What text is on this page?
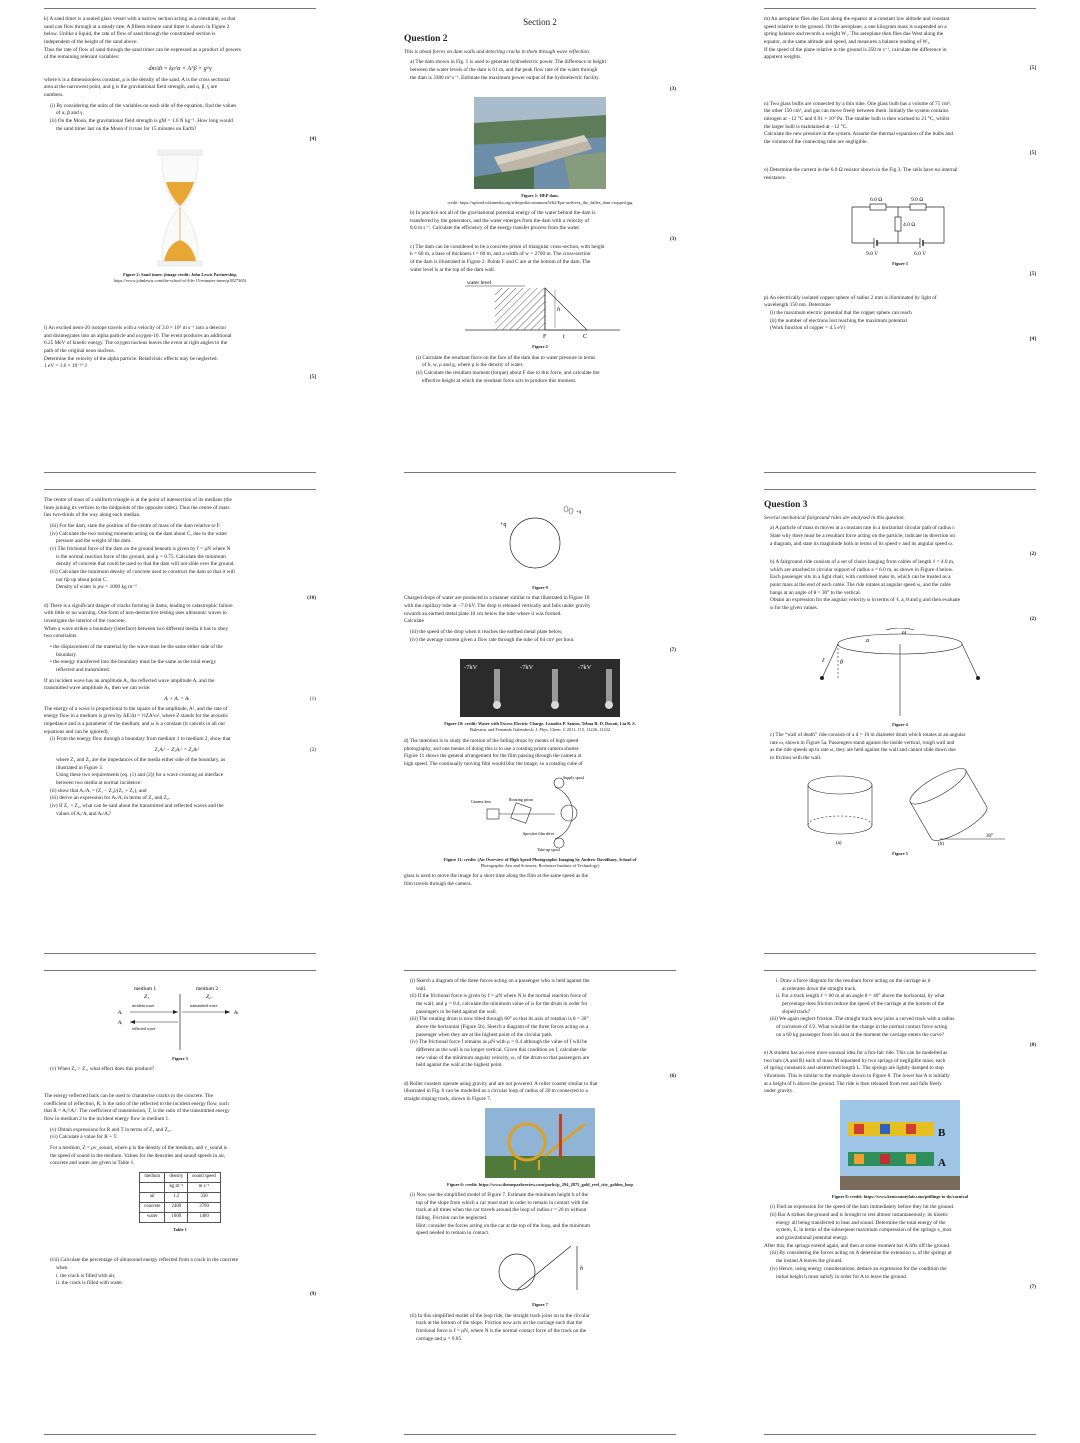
k) A sand timer is a sealed glass vessel with a narrow section acting as a constraint, so that
sand can flow through at a steady rate. A fifteen minute sand timer is shown in Figure 2
below. Unlike a liquid, the rate of flow of sand through the constrained section is
independent of the height of the sand above.
Thus the rate of flow of sand through the sand timer can be expressed as a product of powers
of the remaining relevant variables:
dm/dt = kρ^α × A^β × g^γ
where k is a dimensionless constant, ρ is the density of the sand, A is the cross sectional
area at the narrowest point, and g is the gravitational field strength, and α, β, γ are
numbers.
(i) By considering the units of the variables on each side of the equation, find the values
of α, β and γ.
(ii) On the Moon, the gravitational field strength is gM = 1.6 N kg⁻¹. How long would
the sand timer last on the Moon if it runs for 15 minutes on Earth?
[4]
Figure 2: Sand timer. (image credit: John Lewis Partnership,
https://www.johnlewis.com/the-school-of-life-15-minutes-timer/p3827365)
l) An excited neon-20 isotope travels with a velocity of 3.0 × 10⁶ m s⁻¹ into a detector
and disintegrates into an alpha particle and oxygen-16. The event produces an additional
6.25 MeV of kinetic energy. The oxygen nucleus leaves the event at right angles to the
path of the original neon nucleus.
Determine the velocity of the alpha particle. Relativistic effects may be neglected.
1 eV = 1.6 × 10⁻¹⁹ J
[5]
Section 2
Question 2
This is about forces on dam walls and detecting cracks in them through wave reflection.
a) The dam shown in Fig. 1 is used to generate hydroelectric power. The difference in height
between the water levels of the dam is 61 m, and the peak flow rate of the water through
the dam is 3380 m³ s⁻¹. Estimate the maximum power output of the hydroelectric facility.
(3)
Figure 1: HEP dam.
credit: https://upload.wikimedia.org/wikipedia/commons/b/b2/Epa-archives_the_dalles_dam-cropped.jpg
b) In practice not all of the gravitational potential energy of the water behind the dam is
transferred by the generators, and the water emerges from the dam with a velocity of
8.0 m s⁻¹. Calculate the efficiency of the energy transfer process from the water.
(3)
c) The dam can be considered to be a concrete prism of triangular cross-section, with height
h = 60 m, a base of thickness t = 60 m, and a width of w = 2700 m. The cross-section
of the dam is illustrated in Figure 2. Points F and C are at the bottom of the dam. The
water level is at the top of the dam wall.
water level
h
F	t	C
Figure 2
(i) Calculate the resultant force on the face of the dam due to water pressure in terms
of h, w, ρ and g, where ρ is the density of water.
(ii) Calculate the resultant moment (torque) about F due to this force, and calculate the
effective height at which the resultant force acts to produce this moment.
m) An aeroplane flies due East along the equator at a constant low altitude and constant
speed relative to the ground. On the aeroplane, a one kilogram mass is suspended on a
spring balance and records a weight W₁. The aeroplane then flies due West along the
equator, at the same altitude and speed, and measures a balance reading of W₂.
If the speed of the plane relative to the ground is 250 m s⁻¹, calculate the difference in
apparent weights.
[5]
n) Two glass bulbs are connected by a thin tube. One glass bulb has a volume of 75 cm³,
the other 150 cm³, and gas can move freely between them. Initially the system contains
nitrogen at −12 °C and 0.91 × 10⁵ Pa. The smaller bulb is then warmed to 21 °C, whilst
the larger bulb is maintained at −12 °C.
Calculate the new pressure in the system. Assume the thermal expansion of the bulbs and
the volume of the connecting tube are negligible.
[5]
o) Determine the current in the 6.0 Ω resistor shown in the Fig 3. The cells have no internal
resistance.
6.0 Ω	9.0 Ω
4.0 Ω
9.0 V	6.0 V
Figure 3
[5]
p) An electrically isolated copper sphere of radius 2 mm is illuminated by light of
wavelength 150 nm. Determine
(i) the maximum electric potential that the copper sphere can reach
(ii) the number of electrons lost reaching the maximum potential
(Work function of copper = 4.5 eV)
[4]
The centre of mass of a uniform triangle is at the point of intersection of its medians (the
lines joining its vertices to the midpoints of the opposite sides). Thus the centre of mass
lies two-thirds of the way along each median.
(iii) For the dam, state the position of the centre of mass of the dam relative to F.
(iv) Calculate the two turning moments acting on the dam about C, due to the water
pressure and the weight of the dam.
(v) The frictional force of the dam on the ground beneath is given by f = μN where N
is the normal reaction force of the ground, and μ = 0.75. Calculate the minimum
density of concrete that could be used so that the dam will not slide over the ground.
(vi) Calculate the minimum density of concrete used to construct the dam so that it will
not tip up about point C.
Density of water is ρw = 1000 kg m⁻³
(10)
d) There is a significant danger of cracks forming in dams, leading to catastrophic failure
with little or no warning. One form of non-destructive testing uses ultrasonic waves to
investigate the interior of the concrete.
When a wave strikes a boundary (interface) between two different media it has to obey
two constraints.
• the displacement of the material by the wave must be the same either side of the
boundary.
• the energy transferred into the boundary must be the same as the total energy
reflected and transmitted.
If an incident wave has an amplitude Aᵢ, the reflected wave amplitude Aᵣ and the
transmitted wave amplitude Aₜ, then we can write:
Aᵢ + Aᵣ = Aₜ	(1)
The energy of a wave is proportional to the square of the amplitude, A², and the rate of
energy flow in a medium is given by ΔE/Δt = ½ZA²ω², where Z stands for the acoustic
impedance and is a parameter of the medium, and ω is a constant (it cancels in all our
equations and can be ignored).
(i) From the energy flow through a boundary from medium 1 to medium 2, show that
Z₁Aᵢ² − Z₁Aᵣ² = Z₂Aₜ²	(2)
where Z₁ and Z₂ are the impedances of the media either side of the boundary, as
illustrated in Figure 3.
Using these two requirements (eq. (1) and (2)) for a wave crossing an interface
between two media at normal incidence:
(ii) show that Aᵣ/Aᵢ = (Z₁ − Z₂)/(Z₁ + Z₂), and
(iii) derive an expression for Aₜ/Aᵢ in terms of Z₁ and Z₂.
(iv) If Z₁ = Z₂, what can be said about the transmitted and reflected waves and the
values of Aᵣ/Aᵢ and Aₜ/Aᵢ?
+q
+q
Figure 9
Charged drops of water are produced in a manner similar to that illustrated in Figure 10
with the capillary tube at −7.0 kV. The drop is released vertically and falls under gravity
towards an earthed metal plate 10 cm below the tube where it was formed.
Calculate
(iii) the speed of the drop when it reaches the earthed metal plate below,
(iv) the average current given a flow rate through the tube of 64 cm³ per hour.
(7)
-7kV	-7kV	-7kV
Figure 10: credit: Water with Excess Electric Charge. Leandra P. Santos, Telma R. D. Ducati, Lia B. S.
Balestrin, and Fernando Galembeck; J. Phys. Chem. C 2011, 115, 11226–11232
d) The intention is to study the motion of the falling drops by means of high speed
photography, and one means of doing this is to use a rotating prism camera shutter.
Figure 11 shows the general arrangement for the film passing through the camera at
high speed. The continually moving film would blur the image, so a rotating cube of
Supply spool
Camera lens	Rotating prism
Sprocket film drive
Take-up spool
Figure 11: credit: (An Overview of High Speed Photographic Imaging by Andrew Davidhazy, School of
Photographic Arts and Sciences, Rochester Institute of Technology)
glass is used to move the image for a short time along the film at the same speed as the
film travels through the camera.
Question 3
Several mechanical fairground rides are analysed in this question.
a) A particle of mass m moves at a constant rate in a horizontal circular path of radius r.
State why there must be a resultant force acting on the particle; indicate its direction on
a diagram, and state its magnitude both in terms of its speed v and its angular speed ω.
(2)
b) A fairground ride consists of a set of chairs hanging from cables of length ℓ = 4.0 m,
which are attached to circular support of radius a = 6.0 m, as shown in Figure 4 below.
Each passenger sits in a light chair, with combined mass m, which can be treated as a
point mass at the end of each cable. The ride rotates at angular speed ω, and the cable
hangs at an angle of θ = 30° to the vertical.
Obtain an expression for the angular velocity ω in terms of ℓ, a, θ and g and then evaluate
ω for the given values.
(2)
ω
a
ℓ	θ
Figure 4
c) The “wall of death” ride consists of a d = 10 m diameter drum which rotates at an angular
rate ω, shown in Figure 5a. Passengers stand against the inside vertical, rough wall and
as the ride speeds up to rate ω, they are held against the wall and cannot slide down due
to friction with the wall.
(a)	(b)
30°
Figure 5
medium 1	medium 2
Z₁	Z₂
incident wave	transmitted wave
reflected wave
Aᵢ
Aᵣ
Aₜ
Figure 3
(v) When Z₂ > Z₁, what effect does this produce?
The energy reflected back can be used to charaterise cracks in the concrete. The
coefficient of reflection, R, is the ratio of the reflected to the incident energy flow, such
that R = Aᵣ²/Aᵢ². The coefficient of transmission, T, is the ratio of the transmitted energy
flow in medium 2 to the incident energy flow in medium 1.
(v) Obtain expressions for R and T in terms of Z₁ and Z₂.
(vi) Calculate a value for R + T.
For a medium, Z = ρv_sound, where ρ is the density of the medium, and v_sound is
the speed of sound in the medium. Values for the densities and sound speeds in air,
concrete and water are given in Table 1.
medium	density	sound speed
	kg m⁻³	m s⁻¹
air	1.2	330
concrete	2400	3700
water	1000	1480
Table 1
(vii) Calculate the percentage of ultrasound energy reflected from a crack in the concrete
when
i. the crack is filled with air,
ii. the crack is filled with water.
(9)
(i) Sketch a diagram of the three forces acting on a passenger who is held against the
wall.
(ii) If the frictional force is given by f = μN where N is the normal reaction force of
the wall, and μ = 0.4, calculate the minimum value of ω for the drum in order for
passengers to be held against the wall.
(iii) The rotating drum is now tilted through 60° so that its axis of rotation is θ = 30°
above the horizontal (Figure 5b). Sketch a diagram of the three forces acting on a
passenger when they are at the highest point of the circular path.
(iv) The frictional force f remains as μN with μ = 0.4 although the value of f will be
different as the wall is no longer vertical. Given this condition on f, calculate the
new value of the minimum angular velocity, ω, of the drum so that passengers are
held against the wall at the highest point.
(6)
d) Roller coasters operate using gravity and are not powered. A roller coaster similar to that
illustrated in Fig. 6 can be modelled as a circular loop of radius of 20 m connected to a
straight sloping track, shown in Figure 7.
Figure 6: credit: https://www.themeparkreview.com/parks/p_294_2875_gold_reef_city_golden_loop
(i) Now use the simplified model of Figure 7. Estimate the minimum height h of the
top of the slope from which a car must start in order to remain in contact with the
track at all times when the car travels around the loop of radius r = 20 m without
falling. Friction can be neglected.
Hint: consider the forces acting on the car at the top of the loop, and the minimum
speed needed to remain in contact.
h
Figure 7
(ii) In this simplified model of the loop ride, the straight track joins on to the circular
track at the bottom of the slope. Friction now acts on the carriage such that the
frictional force is f = μN, where N is the normal contact force of the track on the
carriage and μ = 0.05.
i. Draw a force diagram for the resultant force acting on the carriage as it
accelerates down the straight track.
ii. For a track length ℓ = 60 m at an angle θ = 40° above the horizontal, by what
percentage does friction reduce the speed of the carriage at the bottom of the
sloped track?
(iii) We again neglect friction. The straight track now joins a curved track with a radius
of curvature of ℓ/2. What would be the change in the normal contact force acting
on a 60 kg passenger from his seat at the moment the carriage enters the curve?
(8)
e) A student has an even more unusual idea for a fun-fair ride. This can be modelled as
two bars (A and B) each of mass M separated by two springs of negligible mass, each
of spring constant k and unstretched length L. The springs are lightly damped to stop
vibrations. This is similar to the example shown in Figure 8. The lower bar A is initially
at a height of h above the ground. The ride is then released from rest and falls freely
under gravity.
B
A
Figure 8: credit: https://www.kentcountyfair.com/pitflings-to-do/carnival
(i) Find an expression for the speed of the bars immediately before they hit the ground.
(ii) Bar A strikes the ground and is brought to rest almost instantaneously, its kinetic
energy all being transferred to heat and sound. Determine the total energy of the
system, E, in terms of the subsequent maximum compression of the springs x_max
and gravitational potential energy.
After this, the springs extend again, and then at some moment bar A lifts off the ground.
(iii) By considering the forces acting on A determine the extension xₑ of the springs at
the instant A leaves the ground.
(iv) Hence, using energy considerations, deduce an expression for the condition the
initial height h must satisfy in order for A to leave the ground.
(7)
